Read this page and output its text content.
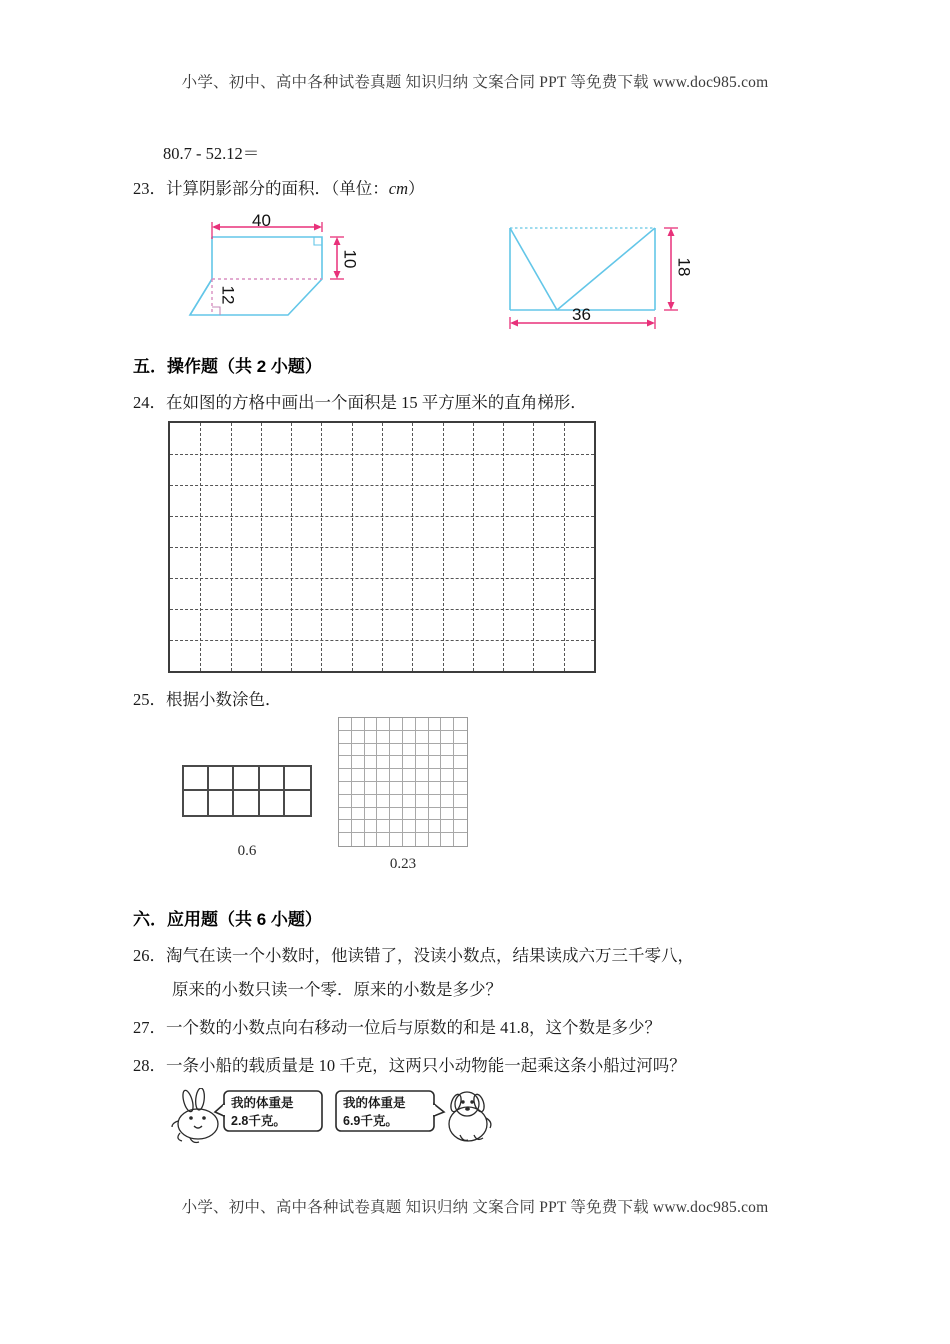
小学、初中、高中各种试卷真题 知识归纳 文案合同 PPT 等免费下载 www.doc985.com
80.7 - 52.12＝
23．计算阴影部分的面积．（单位：cm）
40
10
12
18
36
五．操作题（共 2 小题）
24．在如图的方格中画出一个面积是 15 平方厘米的直角梯形．
25．根据小数涂色．
0.6
0.23
六．应用题（共 6 小题）
26．淘气在读一个小数时，他读错了，没读小数点，结果读成六万三千零八，
原来的小数只读一个零．原来的小数是多少？
27．一个数的小数点向右移动一位后与原数的和是 41.8，这个数是多少？
28．一条小船的载质量是 10 千克，这两只小动物能一起乘这条小船过河吗？
我的体重是
2.8千克。
我的体重是
6.9千克。
小学、初中、高中各种试卷真题 知识归纳 文案合同 PPT 等免费下载 www.doc985.com
